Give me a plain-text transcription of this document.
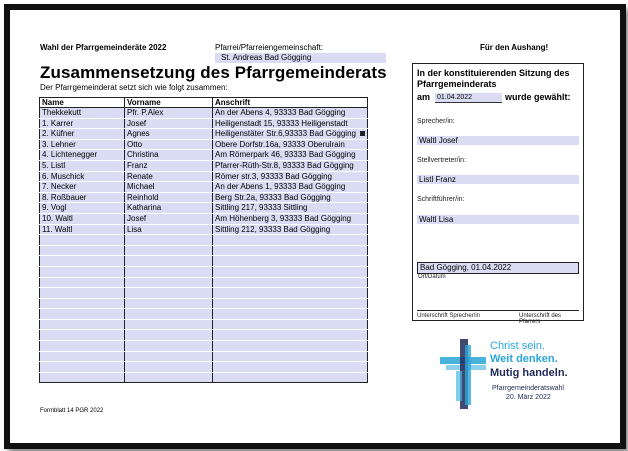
Wahl der Pfarrgemeinderäte 2022	Pfarrei/Pfarreiengemeinschaft:
St. Andreas Bad Gögging
Für den Aushang!
Zusammensetzung des Pfarrgemeinderats
Der Pfarrgemeinderat setzt sich wie folgt zusammen:
Name	Vorname	Anschrift
Thekkekutt	Pfr. P.Alex	An der Abens 4, 93333 Bad Gögging
1. Karrer	Josef	Heiligenstadt 15, 93333 Heiligenstadt
2. Küfner	Agnes	Heiligenstäter Str.6,93333 Bad Gögging

3. Lehner	Otto	Obere Dorfstr.16a, 93333 Oberulrain
4. Lichtenegger	Christina	Am Römerpark 46, 93333 Bad Gögging
5. Listl	Franz	Pfarrer-Rüth-Str.8, 93333 Bad Gögging
6. Muschick	Renate	Römer str.3, 93333 Bad Gögging
7. Necker	Michael	An der Abens 1, 93333 Bad Gögging
8. Roßbauer	Reinhold	Berg Str.2a, 93333 Bad Gögging
9. Vogl	Katharina	Sittling 217, 93333 Sittling
10. Waltl	Josef	Am Höhenberg 3, 93333 Bad Gögging
11. Waltl	Lisa	Sittling 212, 93333 Bad Gögging

In der konstituierenden Sitzung des Pfarrgemeinderats
am 01.04.2022	wurde gewählt:
Sprecher/in:
Waltl Josef
Stellvertreter/in:
Listl Franz
Schriftführer/in:
Waltl Lisa
Bad Gögging, 01.04.2022
Ort/Datum
Unterschrift Sprecher/in	Unterschrift des Pfarrers
Christ sein.
Weit denken.
Mutig handeln.
Pfarrgemeinderatswahl
20. März 2022
Formblatt 14 PGR 2022
